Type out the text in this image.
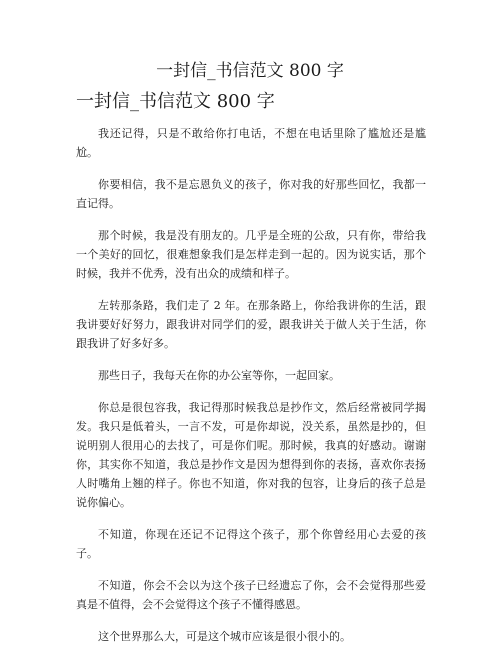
一封信_书信范文 800 字
一封信_书信范文 800 字

我还记得，只是不敢给你打电话，不想在电话里除了尴尬还是尴尬。

你要相信，我不是忘恩负义的孩子，你对我的好那些回忆，我都一直记得。

那个时候，我是没有朋友的。几乎是全班的公敌，只有你，带给我一个美好的回忆，很难想象我们是怎样走到一起的。因为说实话，那个时候，我并不优秀，没有出众的成绩和样子。

左转那条路，我们走了 2 年。在那条路上，你给我讲你的生活，跟我讲要好好努力，跟我讲对同学们的爱，跟我讲关于做人关于生活，你跟我讲了好多好多。

那些日子，我每天在你的办公室等你，一起回家。

你总是很包容我，我记得那时候我总是抄作文，然后经常被同学揭发。我只是低着头，一言不发，可是你却说，没关系，虽然是抄的，但说明别人很用心的去找了，可是你们呢。那时候，我真的好感动。谢谢你，其实你不知道，我总是抄作文是因为想得到你的表扬，喜欢你表扬人时嘴角上翘的样子。你也不知道，你对我的包容，让身后的孩子总是说你偏心。

不知道，你现在还记不记得这个孩子，那个你曾经用心去爱的孩子。

不知道，你会不会以为这个孩子已经遗忘了你，会不会觉得那些爱真是不值得，会不会觉得这个孩子不懂得感恩。

这个世界那么大，可是这个城市应该是很小很小的。
